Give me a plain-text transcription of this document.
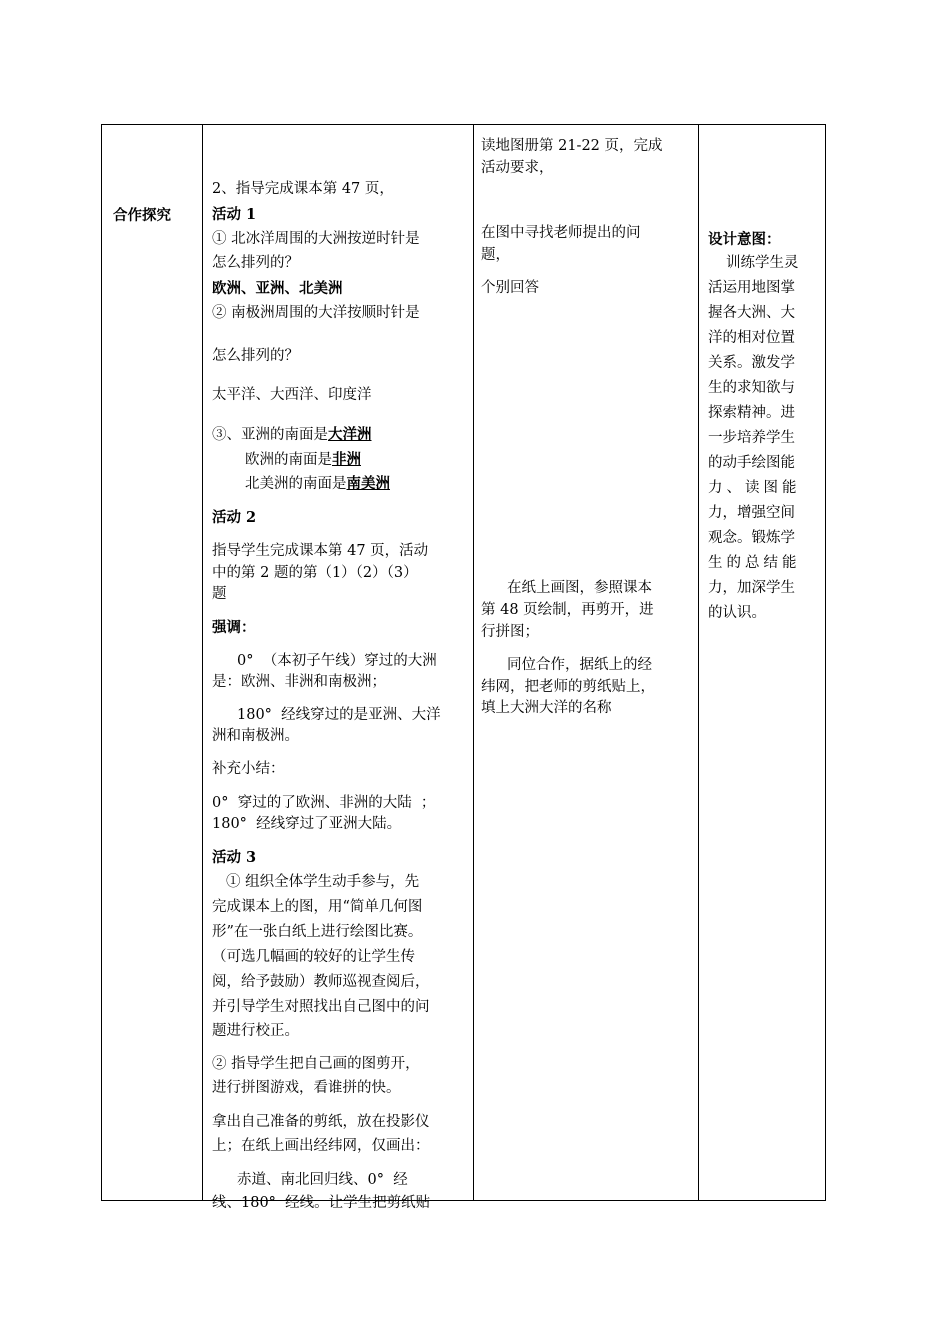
合作探究

2、指导完成课本第 47 页，
活动 1
① 北冰洋周围的大洲按逆时针是
怎么排列的？
欧洲、亚洲、北美洲
② 南极洲周围的大洋按顺时针是
怎么排列的？
太平洋、大西洋、印度洋
③、亚洲的南面是大洋洲
欧洲的南面是非洲
北美洲的南面是南美洲
活动 2
指导学生完成课本第 47 页，活动
中的第 2 题的第（1）（2）（3）
题
强调：
0°  （本初子午线）穿过的大洲
是：欧洲、非洲和南极洲；
180°  经线穿过的是亚洲、大洋
洲和南极洲。
补充小结：
0°  穿过的了欧洲、非洲的大陆  ；
180°  经线穿过了亚洲大陆。
活动 3
① 组织全体学生动手参与，先
完成课本上的图，用“简单几何图
形”在一张白纸上进行绘图比赛。
（可选几幅画的较好的让学生传
阅，给予鼓励）教师巡视查阅后，
并引导学生对照找出自己图中的问
题进行校正。
② 指导学生把自己画的图剪开，
进行拼图游戏，看谁拼的快。
拿出自己准备的剪纸，放在投影仪
上；在纸上画出经纬网，仅画出：
赤道、南北回归线、0°  经
线、180°  经线。让学生把剪纸贴

读地图册第 21-22 页，完成
活动要求，
在图中寻找老师提出的问
题，
个别回答
在纸上画图，参照课本
第 48 页绘制，再剪开，进
行拼图；
同位合作，据纸上的经
纬网，把老师的剪纸贴上，
填上大洲大洋的名称

设计意图：
训练学生灵
活运用地图掌
握各大洲、大
洋的相对位置
关系。激发学
生的求知欲与
探索精神。进
一步培养学生
的动手绘图能
力、读图能
力，增强空间
观念。锻炼学
生的总结能
力，加深学生
的认识。
